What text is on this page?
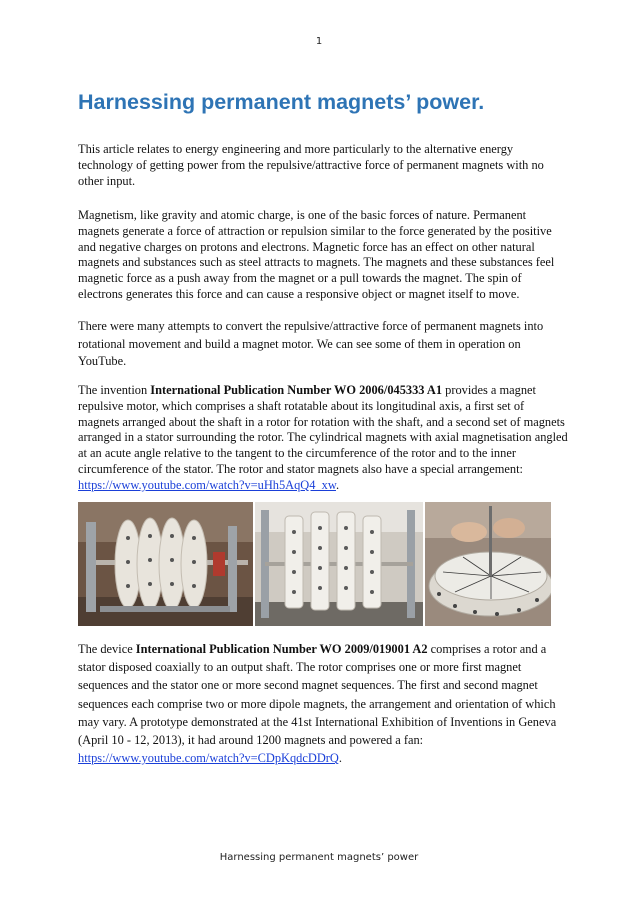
1
Harnessing permanent magnets’ power.

This article relates to energy engineering and more particularly to the alternative energy technology of getting power from the repulsive/attractive force of permanent magnets with no other input.

Magnetism, like gravity and atomic charge, is one of the basic forces of nature. Permanent magnets generate a force of attraction or repulsion similar to the force generated by the positive and negative charges on protons and electrons. Magnetic force has an effect on other natural magnets and substances such as steel attracts to magnets. The magnets and these substances feel magnetic force as a push away from the magnet or a pull towards the magnet. The spin of electrons generates this force and can cause a responsive object or magnet itself to move.

There were many attempts to convert the repulsive/attractive force of permanent magnets into rotational movement and build a magnet motor. We can see some of them in operation on YouTube.

The invention International Publication Number WO 2006/045333 A1 provides a magnet repulsive motor, which comprises a shaft rotatable about its longitudinal axis, a first set of magnets arranged about the shaft in a rotor for rotation with the shaft, and a second set of magnets arranged in a stator surrounding the rotor. The cylindrical magnets with axial magnetisation angled at an acute angle relative to the tangent to the circumference of the rotor and to the inner circumference of the stator. The rotor and stator magnets also have a special arrangement: https://www.youtube.com/watch?v=uHh5AqQ4_xw.

The device International Publication Number WO 2009/019001 A2 comprises a rotor and a stator disposed coaxially to an output shaft. The rotor comprises one or more first magnet sequences and the stator one or more second magnet sequences. The first and second magnet sequences each comprise two or more dipole magnets, the arrangement and orientation of which may vary. A prototype demonstrated at the 41st International Exhibition of Inventions in Geneva (April 10 - 12, 2013), it had around 1200 magnets and powered a fan: https://www.youtube.com/watch?v=CDpKqdcDDrQ.

Harnessing permanent magnets’ power
